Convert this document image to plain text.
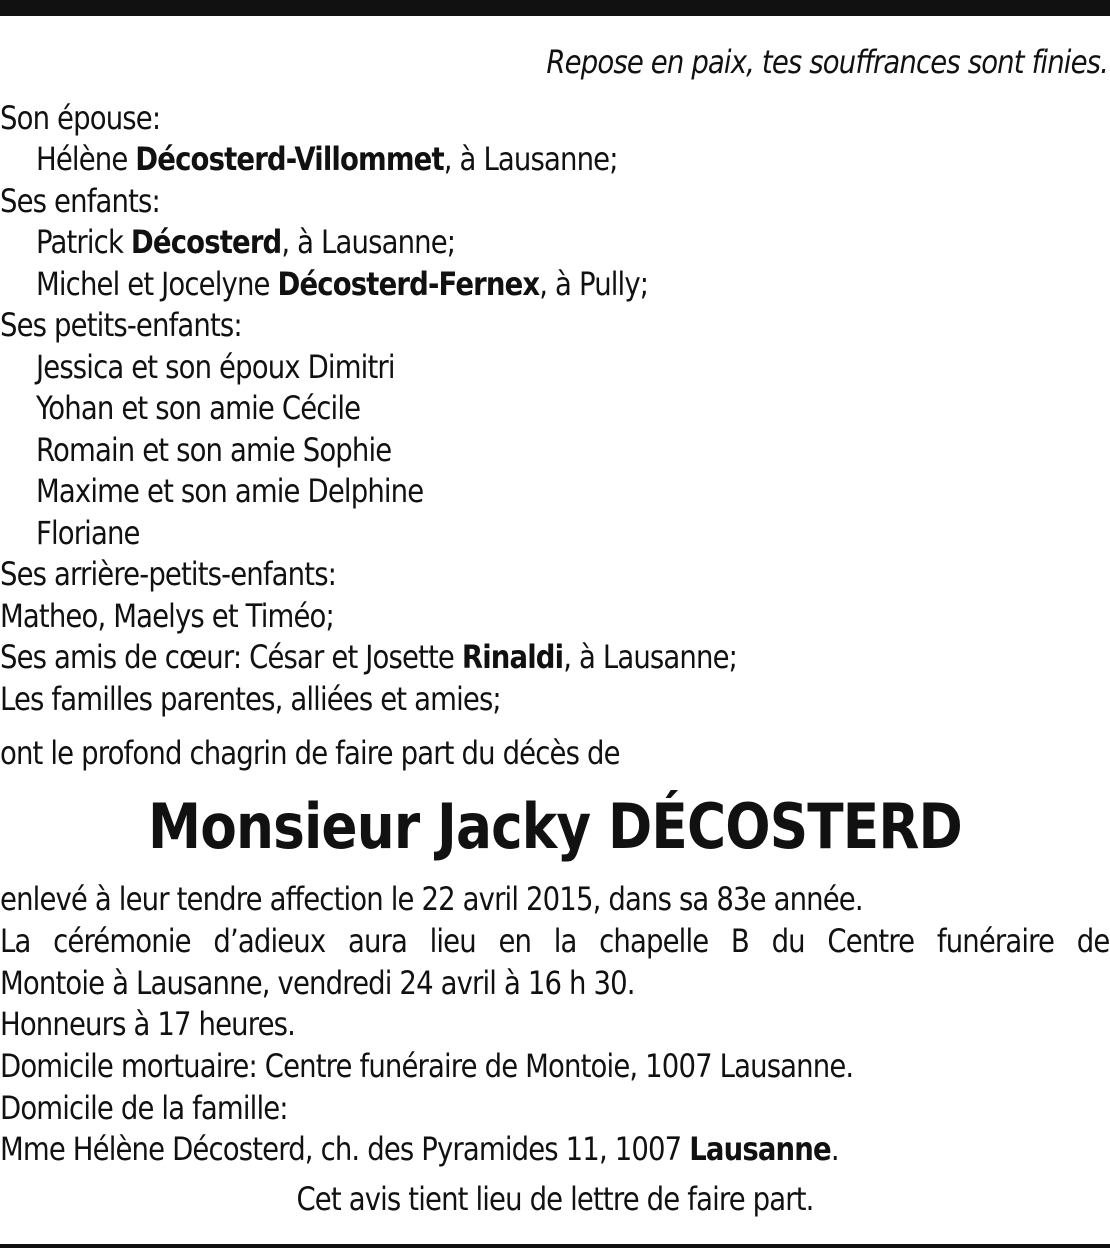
Repose en paix, tes souffrances sont finies.
Son épouse:
Hélène Décosterd-Villommet, à Lausanne;
Ses enfants:
Patrick Décosterd, à Lausanne;
Michel et Jocelyne Décosterd-Fernex, à Pully;
Ses petits-enfants:
Jessica et son époux Dimitri
Yohan et son amie Cécile
Romain et son amie Sophie
Maxime et son amie Delphine
Floriane
Ses arrière-petits-enfants:
Matheo, Maelys et Timéo;
Ses amis de cœur: César et Josette Rinaldi, à Lausanne;
Les familles parentes, alliées et amies;
ont le profond chagrin de faire part du décès de
Monsieur Jacky DÉCOSTERD
enlevé à leur tendre affection le 22 avril 2015, dans sa 83e année.
La cérémonie d’adieux aura lieu en la chapelle B du Centre funéraire de
Montoie à Lausanne, vendredi 24 avril à 16 h 30.
Honneurs à 17 heures.
Domicile mortuaire: Centre funéraire de Montoie, 1007 Lausanne.
Domicile de la famille:
Mme Hélène Décosterd, ch. des Pyramides 11, 1007 Lausanne.
Cet avis tient lieu de lettre de faire part.
